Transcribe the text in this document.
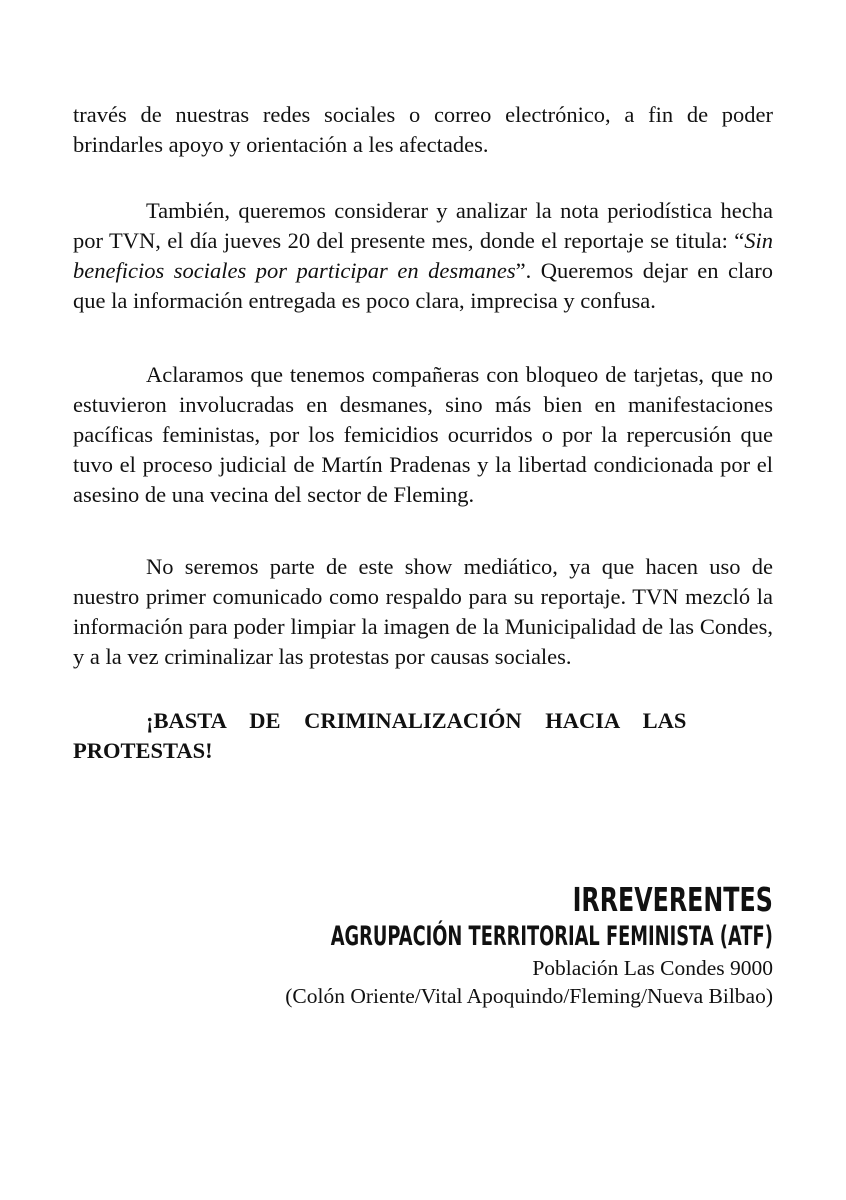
través de nuestras redes sociales o correo electrónico, a fin de poder brindarles apoyo y orientación a les afectades.

También, queremos considerar y analizar la nota periodística hecha por TVN, el día jueves 20 del presente mes, donde el reportaje se titula: “Sin beneficios sociales por participar en desmanes”. Queremos dejar en claro que la información entregada es poco clara, imprecisa y confusa.

Aclaramos que tenemos compañeras con bloqueo de tarjetas, que no estuvieron involucradas en desmanes, sino más bien en manifestaciones pacíficas feministas, por los femicidios ocurridos o por la repercusión que tuvo el proceso judicial de Martín Pradenas y la libertad condicionada por el asesino de una vecina del sector de Fleming.

No seremos parte de este show mediático, ya que hacen uso de nuestro primer comunicado como respaldo para su reportaje. TVN mezcló la información para poder limpiar la imagen de la Municipalidad de las Condes, y a la vez criminalizar las protestas por causas sociales.

¡BASTA DE CRIMINALIZACIÓN HACIA LAS
PROTESTAS!

IRREVERENTES
AGRUPACIÓN TERRITORIAL FEMINISTA (ATF)
Población Las Condes 9000
(Colón Oriente/Vital Apoquindo/Fleming/Nueva Bilbao)
